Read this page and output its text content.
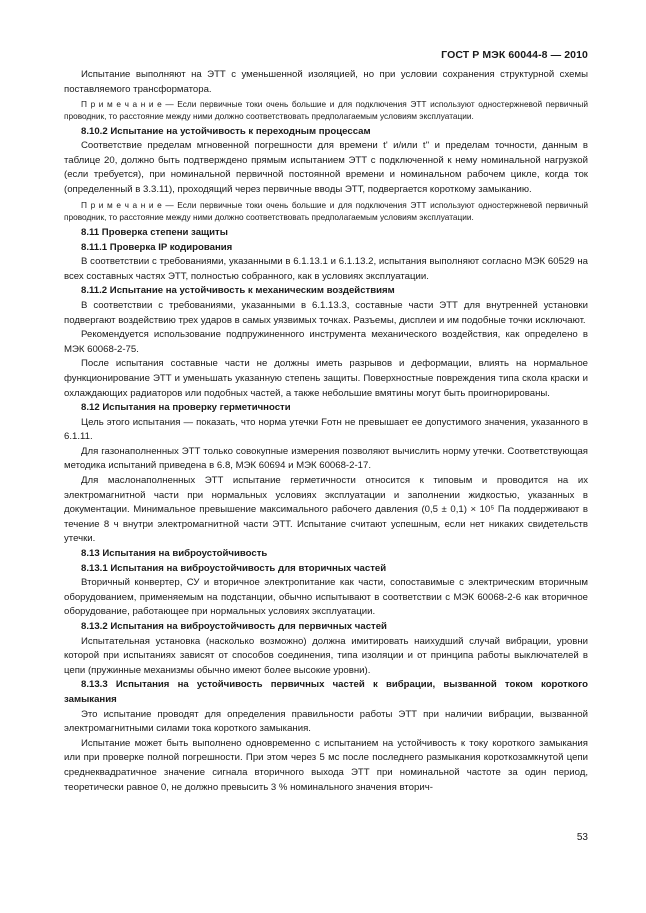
ГОСТ Р МЭК 60044-8 — 2010

Испытание выполняют на ЭТТ с уменьшенной изоляцией, но при условии сохранения структурной схемы поставляемого трансформатора.

П р и м е ч а н и е — Если первичные токи очень большие и для подключения ЭТТ используют одностержневой первичный проводник, то расстояние между ними должно соответствовать предполагаемым условиям эксплуатации.

8.10.2 Испытание на устойчивость к переходным процессам

Соответствие пределам мгновенной погрешности для времени t' и/или t'' и пределам точности, данным в таблице 20, должно быть подтверждено прямым испытанием ЭТТ с подключенной к нему номинальной нагрузкой (если требуется), при номинальной первичной постоянной времени и номинальном рабочем цикле, когда ток (определенный в 3.3.11), проходящий через первичные вводы ЭТТ, подвергается короткому замыканию.

П р и м е ч а н и е — Если первичные токи очень большие и для подключения ЭТТ используют одностержневой первичный проводник, то расстояние между ними должно соответствовать предполагаемым условиям эксплуатации.

8.11 Проверка степени защиты

8.11.1 Проверка IP кодирования

В соответствии с требованиями, указанными в 6.1.13.1 и 6.1.13.2, испытания выполняют согласно МЭК 60529 на всех составных частях ЭТТ, полностью собранного, как в условиях эксплуатации.

8.11.2 Испытание на устойчивость к механическим воздействиям

В соответствии с требованиями, указанными в 6.1.13.3, составные части ЭТТ для внутренней установки подвергают воздействию трех ударов в самых уязвимых точках. Разъемы, дисплеи и им подобные точки исключают.

Рекомендуется использование подпружиненного инструмента механического воздействия, как определено в МЭК 60068-2-75.

После испытания составные части не должны иметь разрывов и деформации, влиять на нормальное функционирование ЭТТ и уменьшать указанную степень защиты. Поверхностные повреждения типа скола краски и охлаждающих радиаторов или подобных частей, а также небольшие вмятины могут быть проигнорированы.

8.12 Испытания на проверку герметичности

Цель этого испытания — показать, что норма утечки Fотн не превышает ее допустимого значения, указанного в 6.1.11.

Для газонаполненных ЭТТ только совокупные измерения позволяют вычислить норму утечки. Соответствующая методика испытаний приведена в 6.8, МЭК 60694 и МЭК 60068-2-17.

Для маслонаполненных ЭТТ испытание герметичности относится к типовым и проводится на их электромагнитной части при нормальных условиях эксплуатации и заполнении жидкостью, указанных в документации. Минимальное превышение максимального рабочего давления (0,5 ± 0,1) × 10⁵ Па поддерживают в течение 8 ч внутри электромагнитной части ЭТТ. Испытание считают успешным, если нет никаких свидетельств утечки.

8.13 Испытания на виброустойчивость

8.13.1 Испытания на виброустойчивость для вторичных частей

Вторичный конвертер, СУ и вторичное электропитание как части, сопоставимые с электрическим вторичным оборудованием, применяемым на подстанции, обычно испытывают в соответствии с МЭК 60068-2-6 как вторичное оборудование, работающее при нормальных условиях эксплуатации.

8.13.2 Испытания на виброустойчивость для первичных частей

Испытательная установка (насколько возможно) должна имитировать наихудший случай вибрации, уровни которой при испытаниях зависят от способов соединения, типа изоляции и от принципа работы выключателей в цепи (пружинные механизмы обычно имеют более высокие уровни).

8.13.3 Испытания на устойчивость первичных частей к вибрации, вызванной током короткого замыкания

Это испытание проводят для определения правильности работы ЭТТ при наличии вибрации, вызванной электромагнитными силами тока короткого замыкания.

Испытание может быть выполнено одновременно с испытанием на устойчивость к току короткого замыкания или при проверке полной погрешности. При этом через 5 мс после последнего размыкания короткозамкнутой цепи среднеквадратичное значение сигнала вторичного выхода ЭТТ при номинальной частоте за один период, теоретически равное 0, не должно превысить 3 % номинального значения вторич-

53
